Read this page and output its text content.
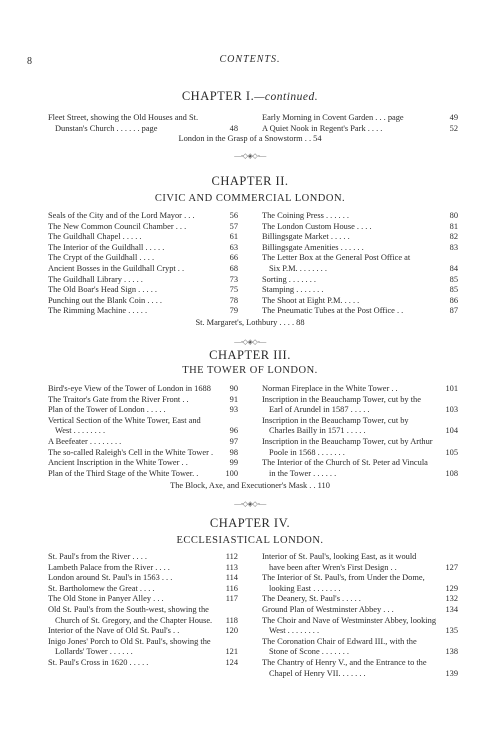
8	CONTENTS.
CHAPTER I.—continued.
Fleet Street, showing the Old Houses and St.
Dunstan's Church . . . . . . page	48
Early Morning in Covent Garden . . . page	49
A Quiet Nook in Regent's Park . . . .	52
London in the Grasp of a Snowstorm . . 54
—◦◇◈◇◦—
CHAPTER II.
CIVIC AND COMMERCIAL LONDON.
Seals of the City and of the Lord Mayor . . .	56
The New Common Council Chamber . . .	57
The Guildhall Chapel . . . . .	61
The Interior of the Guildhall . . . . .	63
The Crypt of the Guildhall . . . .	66
Ancient Bosses in the Guildhall Crypt . .	68
The Guildhall Library . . . . .	73
The Old Boar's Head Sign . . . . .	75
Punching out the Blank Coin . . . .	78
The Rimming Machine . . . . .	79
The Coining Press . . . . . .	80
The London Custom House . . . .	81
Billingsgate Market . . . . .	82
Billingsgate Amenities . . . . . .	83
The Letter Box at the General Post Office at
Six P.M. . . . . . . .	84
Sorting . . . . . . .	85
Stamping . . . . . . .	85
The Shoot at Eight P.M. . . . .	86
The Pneumatic Tubes at the Post Office . .	87
St. Margaret's, Lothbury . . . . 88
—◦◇◈◇◦—
CHAPTER III.
THE TOWER OF LONDON.
Bird's-eye View of the Tower of London in 1688 90
The Traitor's Gate from the River Front . .	91
Plan of the Tower of London . . . . .	93
Vertical Section of the White Tower, East and
West . . . . . . . .	96
A Beefeater . . . . . . . .	97
The so-called Raleigh's Cell in the White Tower . 98
Ancient Inscription in the White Tower . .	99
Plan of the Third Stage of the White Tower. .	100
Norman Fireplace in the White Tower . .	101
Inscription in the Beauchamp Tower, cut by the
Earl of Arundel in 1587 . . . . .	103
Inscription in the Beauchamp Tower, cut by
Charles Bailly in 1571 . . . . .	104
Inscription in the Beauchamp Tower, cut by Arthur
Poole in 1568 . . . . . . .	105
The Interior of the Church of St. Peter ad Vincula
in the Tower . . . . . .	108
The Block, Axe, and Executioner's Mask . . 110
—◦◇◈◇◦—
CHAPTER IV.
ECCLESIASTICAL LONDON.
St. Paul's from the River . . . .	112
Lambeth Palace from the River . . . .	113
London around St. Paul's in 1563 . . .	114
St. Bartholomew the Great . . . .	116
The Old Stone in Panyer Alley . . .	117
Old St. Paul's from the South-west, showing the
Church of St. Gregory, and the Chapter House. 118
Interior of the Nave of Old St. Paul's . .	120
Inigo Jones' Porch to Old St. Paul's, showing the
Lollards' Tower . . . . . .	121
St. Paul's Cross in 1620 . . . . .	124
Interior of St. Paul's, looking East, as it would
have been after Wren's First Design . .	127
The Interior of St. Paul's, from Under the Dome,
looking East . . . . . . .	129
The Deanery, St. Paul's . . . . .	132
Ground Plan of Westminster Abbey . . .	134
The Choir and Nave of Westminster Abbey, looking
West . . . . . . . .	135
The Coronation Chair of Edward III., with the
Stone of Scone . . . . . . .	138
The Chantry of Henry V., and the Entrance to the
Chapel of Henry VII. . . . . . .	139
